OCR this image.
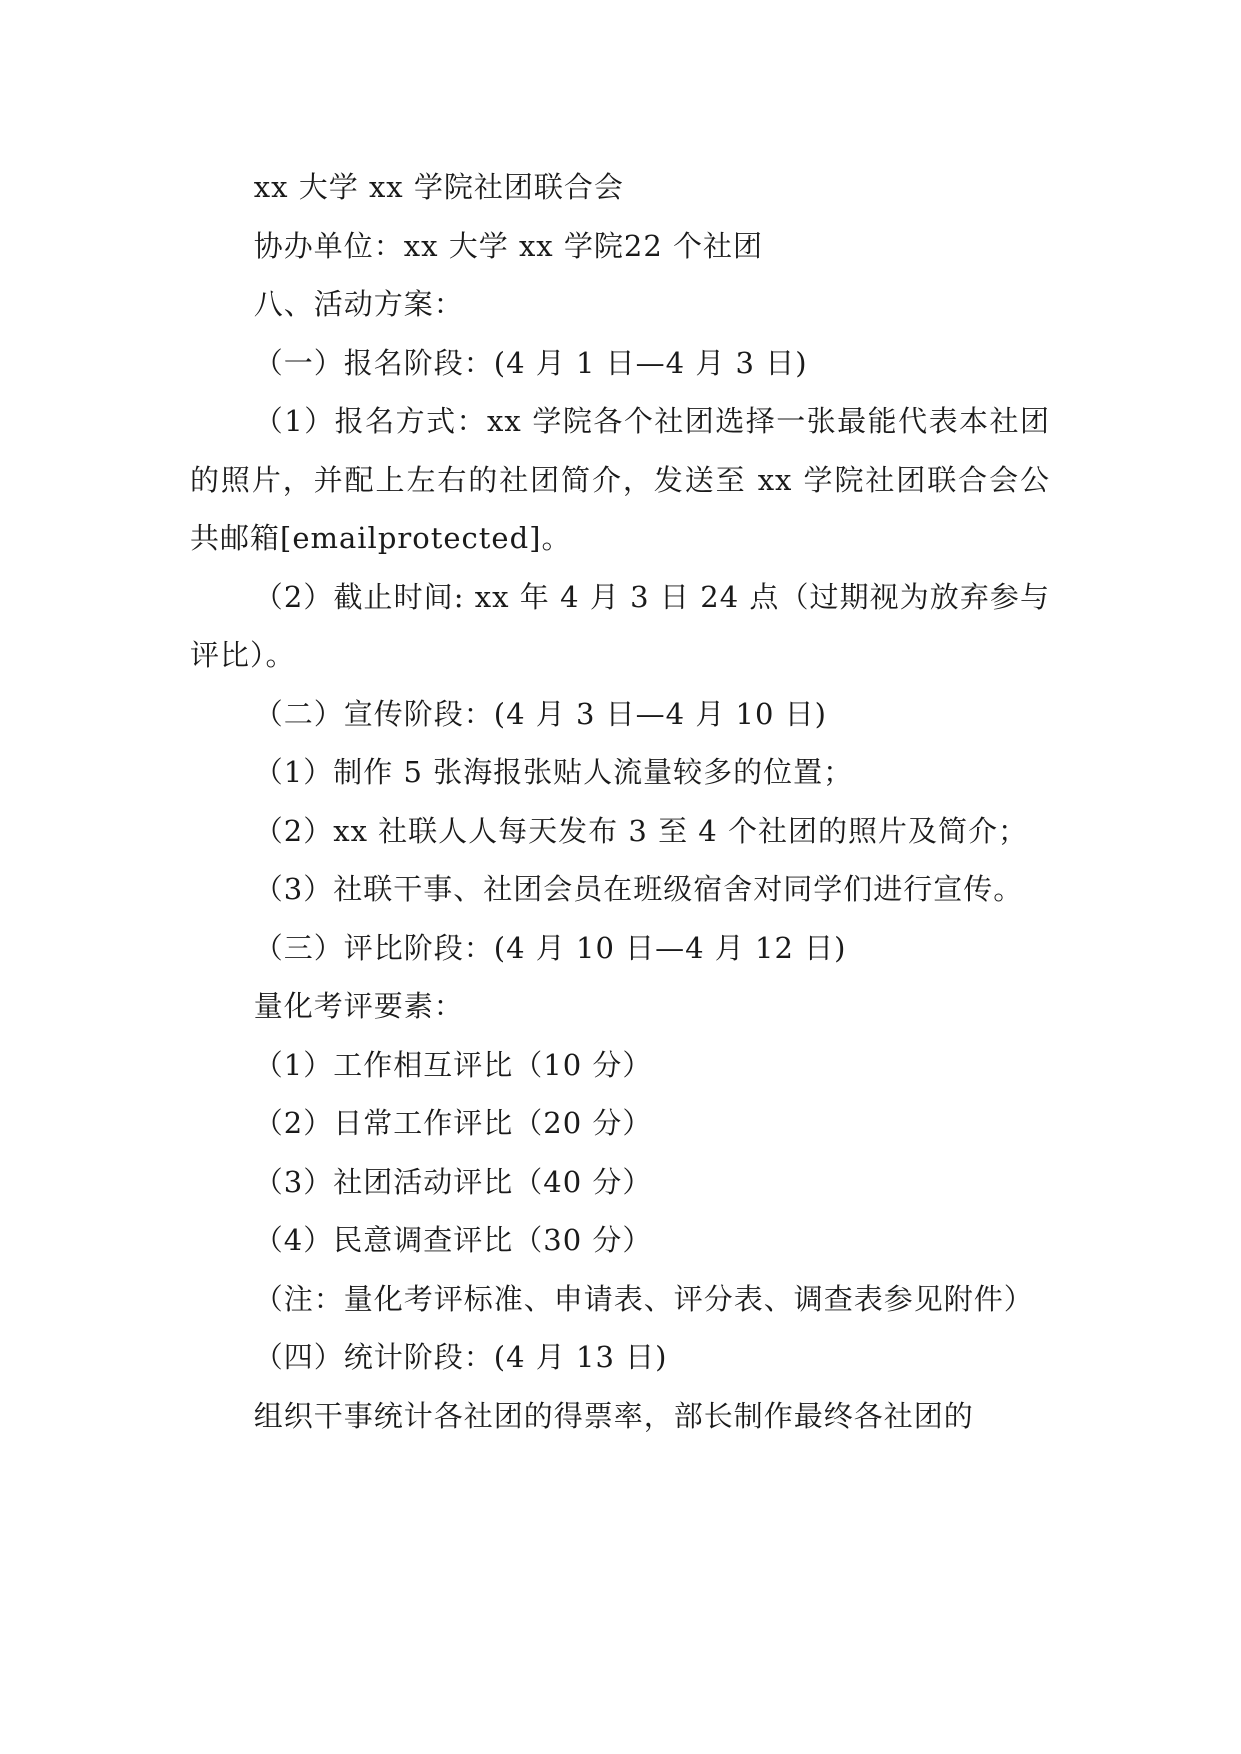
xx 大学 xx 学院社团联合会

协办单位：xx 大学 xx 学院22 个社团

八、活动方案：

（一）报名阶段：(4 月 1 日—4 月 3 日)

（1）报名方式：xx 学院各个社团选择一张最能代表本社团的照片，并配上左右的社团简介，发送至 xx 学院社团联合会公共邮箱[emailprotected]。

（2）截止时间: xx 年 4 月 3 日 24 点（过期视为放弃参与评比）。

（二）宣传阶段：(4 月 3 日—4 月 10 日)

（1）制作 5 张海报张贴人流量较多的位置；

（2）xx 社联人人每天发布 3 至 4 个社团的照片及简介；

（3）社联干事、社团会员在班级宿舍对同学们进行宣传。

（三）评比阶段：(4 月 10 日—4 月 12 日)

量化考评要素：

（1）工作相互评比（10 分）

（2）日常工作评比（20 分）

（3）社团活动评比（40 分）

（4）民意调查评比（30 分）

（注：量化考评标准、申请表、评分表、调查表参见附件）

（四）统计阶段：(4 月 13 日)

组织干事统计各社团的得票率，部长制作最终各社团的
